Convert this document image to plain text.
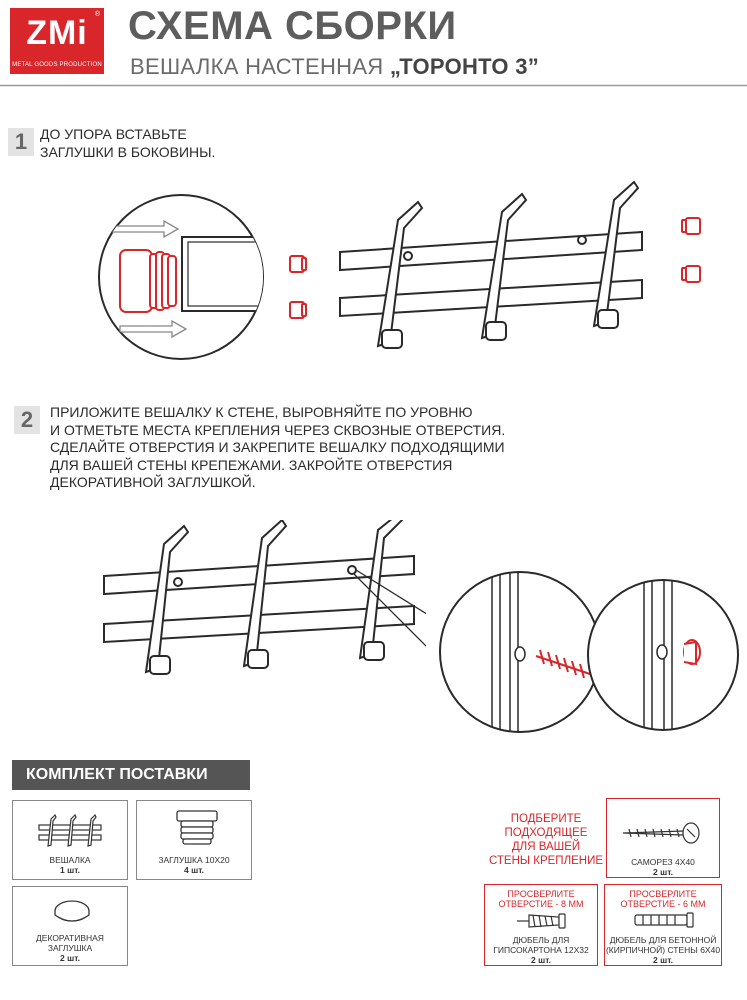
ZMi	®
METAL GOODS PRODUCTION
СХЕМА СБОРКИ
ВЕШАЛКА НАСТЕННАЯ „ТОРОНТО 3”
1 ДО УПОРА ВСТАВЬТЕ
ЗАГЛУШКИ В БОКОВИНЫ.
2	ПРИЛОЖИТЕ ВЕШАЛКУ К СТЕНЕ, ВЫРОВНЯЙТЕ ПО УРОВНЮ
И ОТМЕТЬТЕ МЕСТА КРЕПЛЕНИЯ ЧЕРЕЗ СКВОЗНЫЕ ОТВЕРСТИЯ.
СДЕЛАЙТЕ ОТВЕРСТИЯ И ЗАКРЕПИТЕ ВЕШАЛКУ ПОДХОДЯЩИМИ
ДЛЯ ВАШЕЙ СТЕНЫ КРЕПЕЖАМИ. ЗАКРОЙТЕ ОТВЕРСТИЯ
ДЕКОРАТИВНОЙ ЗАГЛУШКОЙ.
КОМПЛЕКТ ПОСТАВКИ
ВЕШАЛКА
1 шт.
ЗАГЛУШКА 10Х20
4 шт.
ДЕКОРАТИВНАЯ
ЗАГЛУШКА
2 шт.
ПОДБЕРИТЕ
ПОДХОДЯЩЕЕ
ДЛЯ ВАШЕЙ
СТЕНЫ КРЕПЛЕНИЕ	САМОРЕЗ 4Х40
2 шт.
ПРОСВЕРЛИТЕ
ОТВЕРСТИЕ - 8 ММ
ДЮБЕЛЬ ДЛЯ
ГИПСОКАРТОНА 12Х32
2 шт.
ПРОСВЕРЛИТЕ
ОТВЕРСТИЕ - 6 ММ
ДЮБЕЛЬ ДЛЯ БЕТОННОЙ
(КИРПИЧНОЙ) СТЕНЫ 6Х40
2 шт.
